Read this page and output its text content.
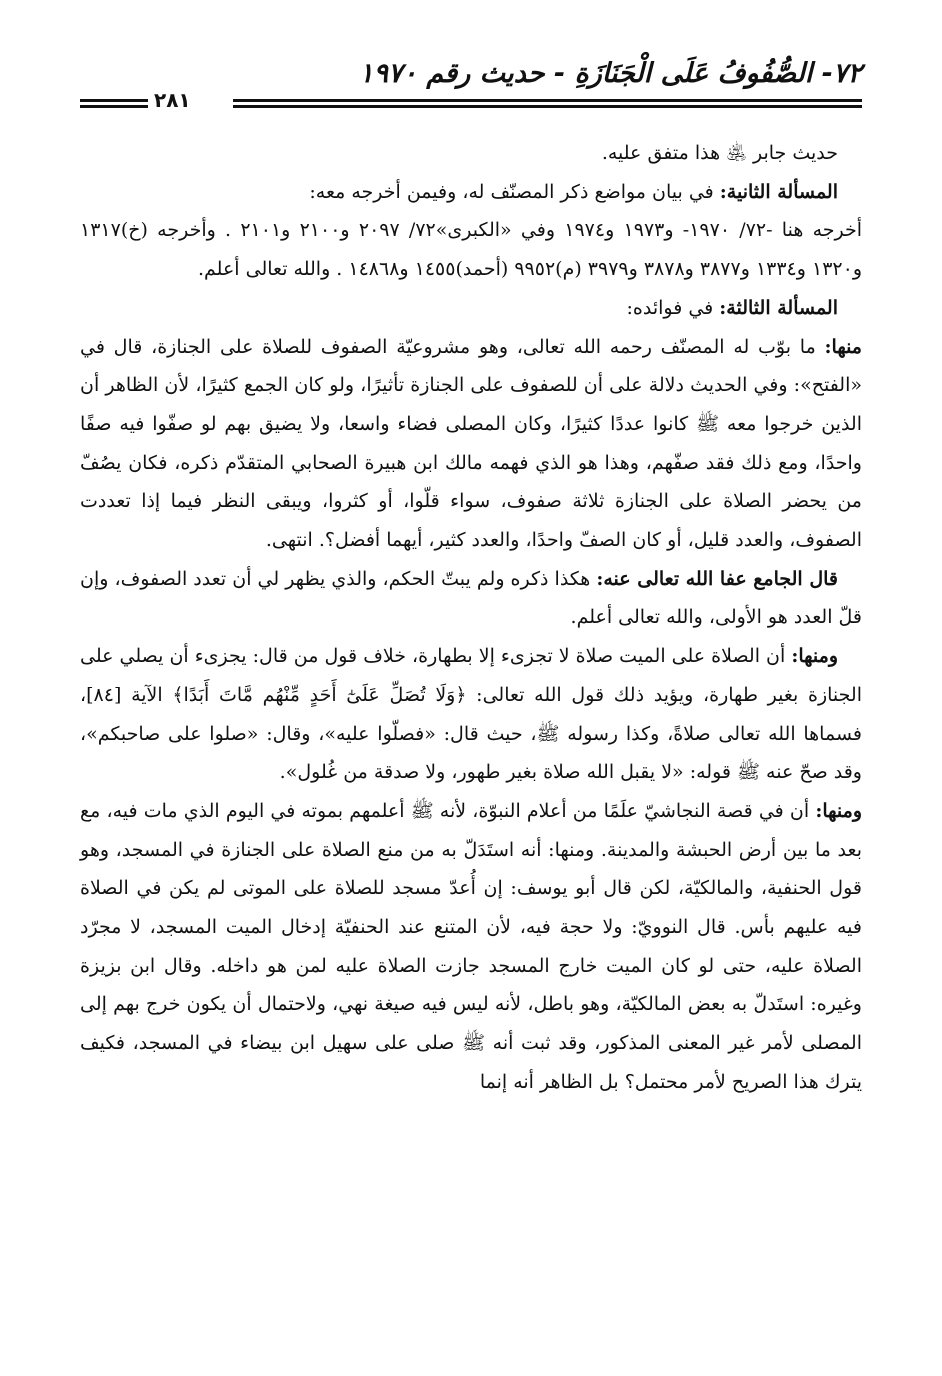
٧٢- الصُّفُوفُ عَلَى الْجَنَازَةِ - حديث رقم ١٩٧٠
٢٨١

حديث جابر ﵁ هذا متفق عليه.

المسألة الثانية: في بيان مواضع ذكر المصنّف له، وفيمن أخرجه معه:

أخرجه هنا -٧٢/ ١٩٧٠- و١٩٧٣ و١٩٧٤ وفي «الكبرى»٧٢/ ٢٠٩٧ و٢١٠٠ و٢١٠١ . وأخرجه (خ)١٣١٧ و١٣٢٠ و١٣٣٤ و٣٨٧٧ و٣٨٧٨ و٣٩٧٩ (م)٩٩٥٢ (أحمد)١٤٥٥ و١٤٨٦٨ . والله تعالى أعلم.

المسألة الثالثة: في فوائده:

منها: ما بوّب له المصنّف رحمه الله تعالى، وهو مشروعيّة الصفوف للصلاة على الجنازة، قال في «الفتح»: وفي الحديث دلالة على أن للصفوف على الجنازة تأثيرًا، ولو كان الجمع كثيرًا، لأن الظاهر أن الذين خرجوا معه ﷺ كانوا عددًا كثيرًا، وكان المصلى فضاء واسعا، ولا يضيق بهم لو صفّوا فيه صفًا واحدًا، ومع ذلك فقد صفّهم، وهذا هو الذي فهمه مالك ابن هبيرة الصحابي المتقدّم ذكره، فكان يصُفّ من يحضر الصلاة على الجنازة ثلاثة صفوف، سواء قلّوا، أو كثروا، ويبقى النظر فيما إذا تعددت الصفوف، والعدد قليل، أو كان الصفّ واحدًا، والعدد كثير، أيهما أفضل؟. انتهى.

قال الجامع عفا الله تعالى عنه: هكذا ذكره ولم يبتّ الحكم، والذي يظهر لي أن تعدد الصفوف، وإن قلّ العدد هو الأولى، والله تعالى أعلم.

ومنها: أن الصلاة على الميت صلاة لا تجزىء إلا بطهارة، خلاف قول من قال: يجزىء أن يصلي على الجنازة بغير طهارة، ويؤيد ذلك قول الله تعالى: ﴿وَلَا تُصَلِّ عَلَىٰٓ أَحَدٍ مِّنْهُم مَّاتَ أَبَدًا﴾ الآية [٨٤]، فسماها الله تعالى صلاةً، وكذا رسوله ﷺ، حيث قال: «فصلّوا عليه»، وقال: «صلوا على صاحبكم»، وقد صحّ عنه ﷺ قوله: «لا يقبل الله صلاة بغير طهور، ولا صدقة من غُلول».

ومنها: أن في قصة النجاشيّ علَمًا من أعلام النبوّة، لأنه ﷺ أعلمهم بموته في اليوم الذي مات فيه، مع بعد ما بين أرض الحبشة والمدينة. ومنها: أنه استَدَلّ به من منع الصلاة على الجنازة في المسجد، وهو قول الحنفية، والمالكيّة، لكن قال أبو يوسف: إن أُعدّ مسجد للصلاة على الموتى لم يكن في الصلاة فيه عليهم بأس. قال النوويّ: ولا حجة فيه، لأن المتنع عند الحنفيّة إدخال الميت المسجد، لا مجرّد الصلاة عليه، حتى لو كان الميت خارج المسجد جازت الصلاة عليه لمن هو داخله. وقال ابن بزيزة وغيره: استَدلّ به بعض المالكيّة، وهو باطل، لأنه ليس فيه صيغة نهي، ولاحتمال أن يكون خرج بهم إلى المصلى لأمر غير المعنى المذكور، وقد ثبت أنه ﷺ صلى على سهيل ابن بيضاء في المسجد، فكيف يترك هذا الصريح لأمر محتمل؟ بل الظاهر أنه إنما
